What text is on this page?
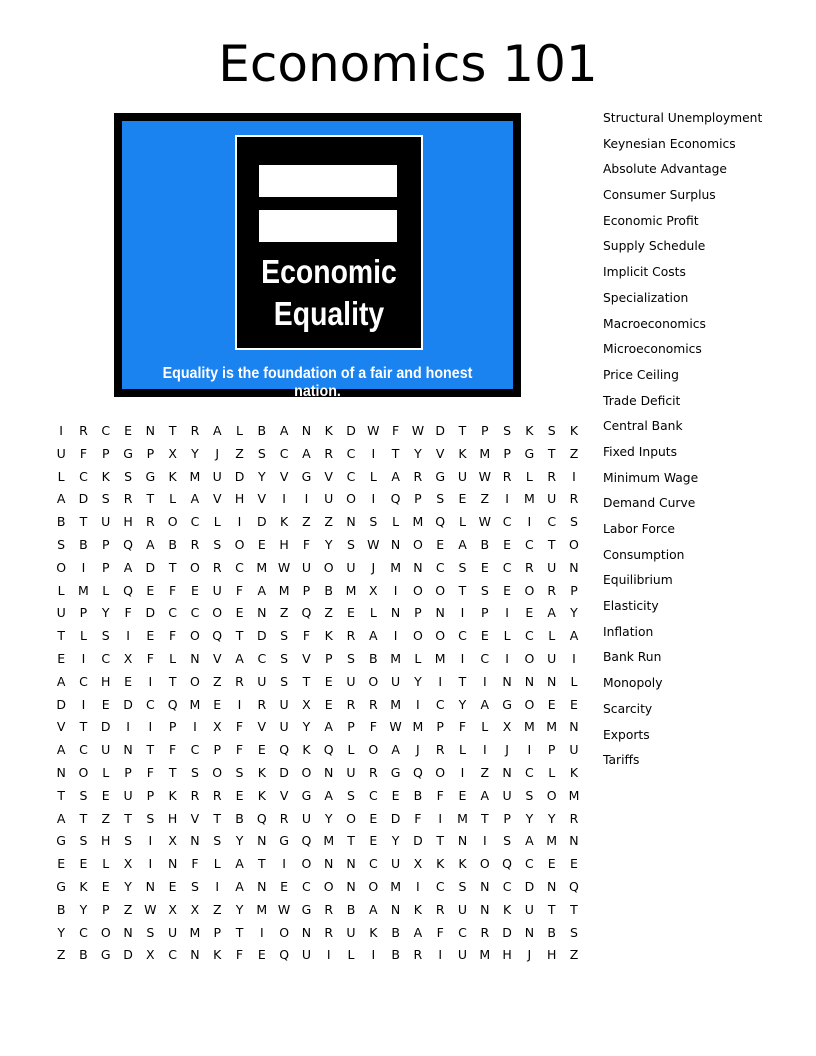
Economics 101
Economic
Equality
Equality is the foundation of a fair and honest nation.
Structural Unemployment
Keynesian Economics
Absolute Advantage
Consumer Surplus
Economic Profit
Supply Schedule
Implicit Costs
Specialization
Macroeconomics
Microeconomics
Price Ceiling
Trade Deficit
Central Bank
Fixed Inputs
Minimum Wage
Demand Curve
Labor Force
Consumption
Equilibrium
Elasticity
Inflation
Bank Run
Monopoly
Scarcity
Exports
Tariffs
I	R	C	E	N	T	R	A	L	B	A	N	K	D W	F	W D	T	P	S	K	S	K
U	F	P	G	P	X	Y	J	Z	S	C	A	R	C	I	T	Y	V	K	M	P	G	T	Z
L	C	K	S	G	K	M U	D	Y	V	G	V	C	L	A	R	G	U W R	L	R	I
A	D	S	R	T	L	A	V	H	V	I	I	U	O	I	Q	P	S	E	Z	I	M U	R
B	T	U	H	R	O	C	L	I	D	K	Z	Z	N	S	L	M Q	L	W C	I	C	S
S	B	P	Q	A	B	R	S	O	E	H	F	Y	S W N	O	E	A	B	E	C	T	O
O	I	P	A	D	T	O	R	C	M W U	O	U	J	M N	C	S	E	C	R	U	N
L	M	L	Q	E	F	E	U	F	A	M	P	B	M	X	I	O O	T	S	E	O	R	P
U	P	Y	F	D	C	C	O	E	N	Z	Q	Z	E	L	N	P	N	I	P	I	E	A	Y
T	L	S	I	E	F	O Q	T	D	S	F	K	R	A	I	O O	C	E	L	C	L	A
E	I	C	X	F	L	N	V	A	C	S	V	P	S	B	M	L	M	I	C	I	O	U	I
A	C	H	E	I	T	O	Z	R	U	S	T	E	U	O	U	Y	I	T	I	N	N	N	L
D	I	E	D	C	Q M	E	I	R	U	X	E	R	R	M	I	C	Y	A	G	O	E	E
V	T	D	I	I	P	I	X	F	V	U	Y	A	P	F	W M	P	F	L	X	M M N
A	C	U	N	T	F	C	P	F	E	Q	K	Q	L	O	A	J	R	L	I	J	I	P	U
N	O	L	P	F	T	S	O	S	K	D	O	N	U	R	G	Q O	I	Z	N	C	L	K
T	S	E	U	P	K	R	R	E	K	V	G	A	S	C	E	B	F	E	A	U	S	O M
A	T	Z	T	S	H	V	T	B	Q	R	U	Y	O	E	D	F	I	M	T	P	Y	Y	R
G	S	H	S	I	X	N	S	Y	N	G	Q M	T	E	Y	D	T	N	I	S	A	M N
E	E	L	X	I	N	F	L	A	T	I	O	N	N	C	U	X	K	K	O Q	C	E	E
G	K	E	Y	N	E	S	I	A	N	E	C	O	N	O M	I	C	S	N	C	D	N	Q
B	Y	P	Z W X	X	Z	Y	M W G	R	B	A	N	K	R	U	N	K	U	T	T
Y	C	O	N	S	U M	P	T	I	O	N	R	U	K	B	A	F	C	R	D	N	B	S
Z	B	G	D	X	C	N	K	F	E	Q	U	I	L	I	B	R	I	U M H	J	H	Z
